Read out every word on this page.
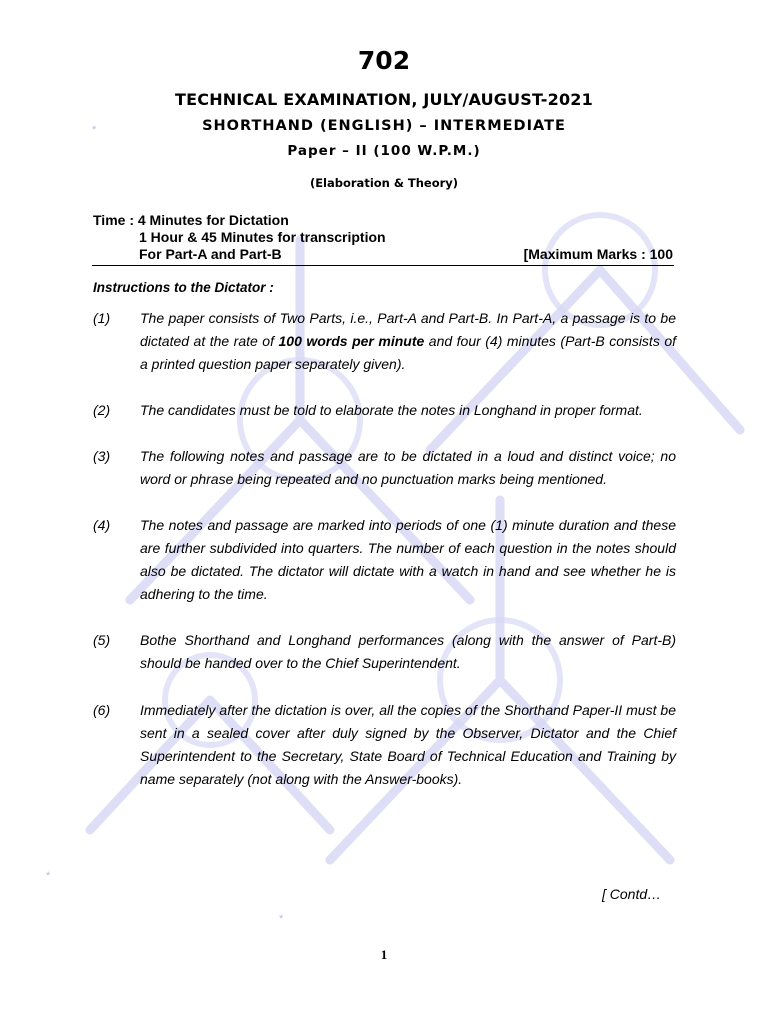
*
*
*
702
TECHNICAL EXAMINATION, JULY/AUGUST-2021
SHORTHAND (ENGLISH) – INTERMEDIATE
Paper – II (100 W.P.M.)
(Elaboration & Theory)
Time : 4 Minutes for Dictation
1 Hour & 45 Minutes for transcription
For Part-A and Part-B	[Maximum Marks : 100
Instructions to the Dictator :
(1) The paper consists of Two Parts, i.e., Part-A and Part-B. In Part-A, a passage is to be dictated at the rate of 100 words per minute and four (4) minutes (Part-B consists of a printed question paper separately given).
(2) The candidates must be told to elaborate the notes in Longhand in proper format.
(3) The following notes and passage are to be dictated in a loud and distinct voice; no word or phrase being repeated and no punctuation marks being mentioned.
(4) The notes and passage are marked into periods of one (1) minute duration and these are further subdivided into quarters. The number of each question in the notes should also be dictated. The dictator will dictate with a watch in hand and see whether he is adhering to the time.
(5) Bothe Shorthand and Longhand performances (along with the answer of Part-B) should be handed over to the Chief Superintendent.
(6) Immediately after the dictation is over, all the copies of the Shorthand Paper-II must be sent in a sealed cover after duly signed by the Observer, Dictator and the Chief Superintendent to the Secretary, State Board of Technical Education and Training by name separately (not along with the Answer-books).
[ Contd…
1
